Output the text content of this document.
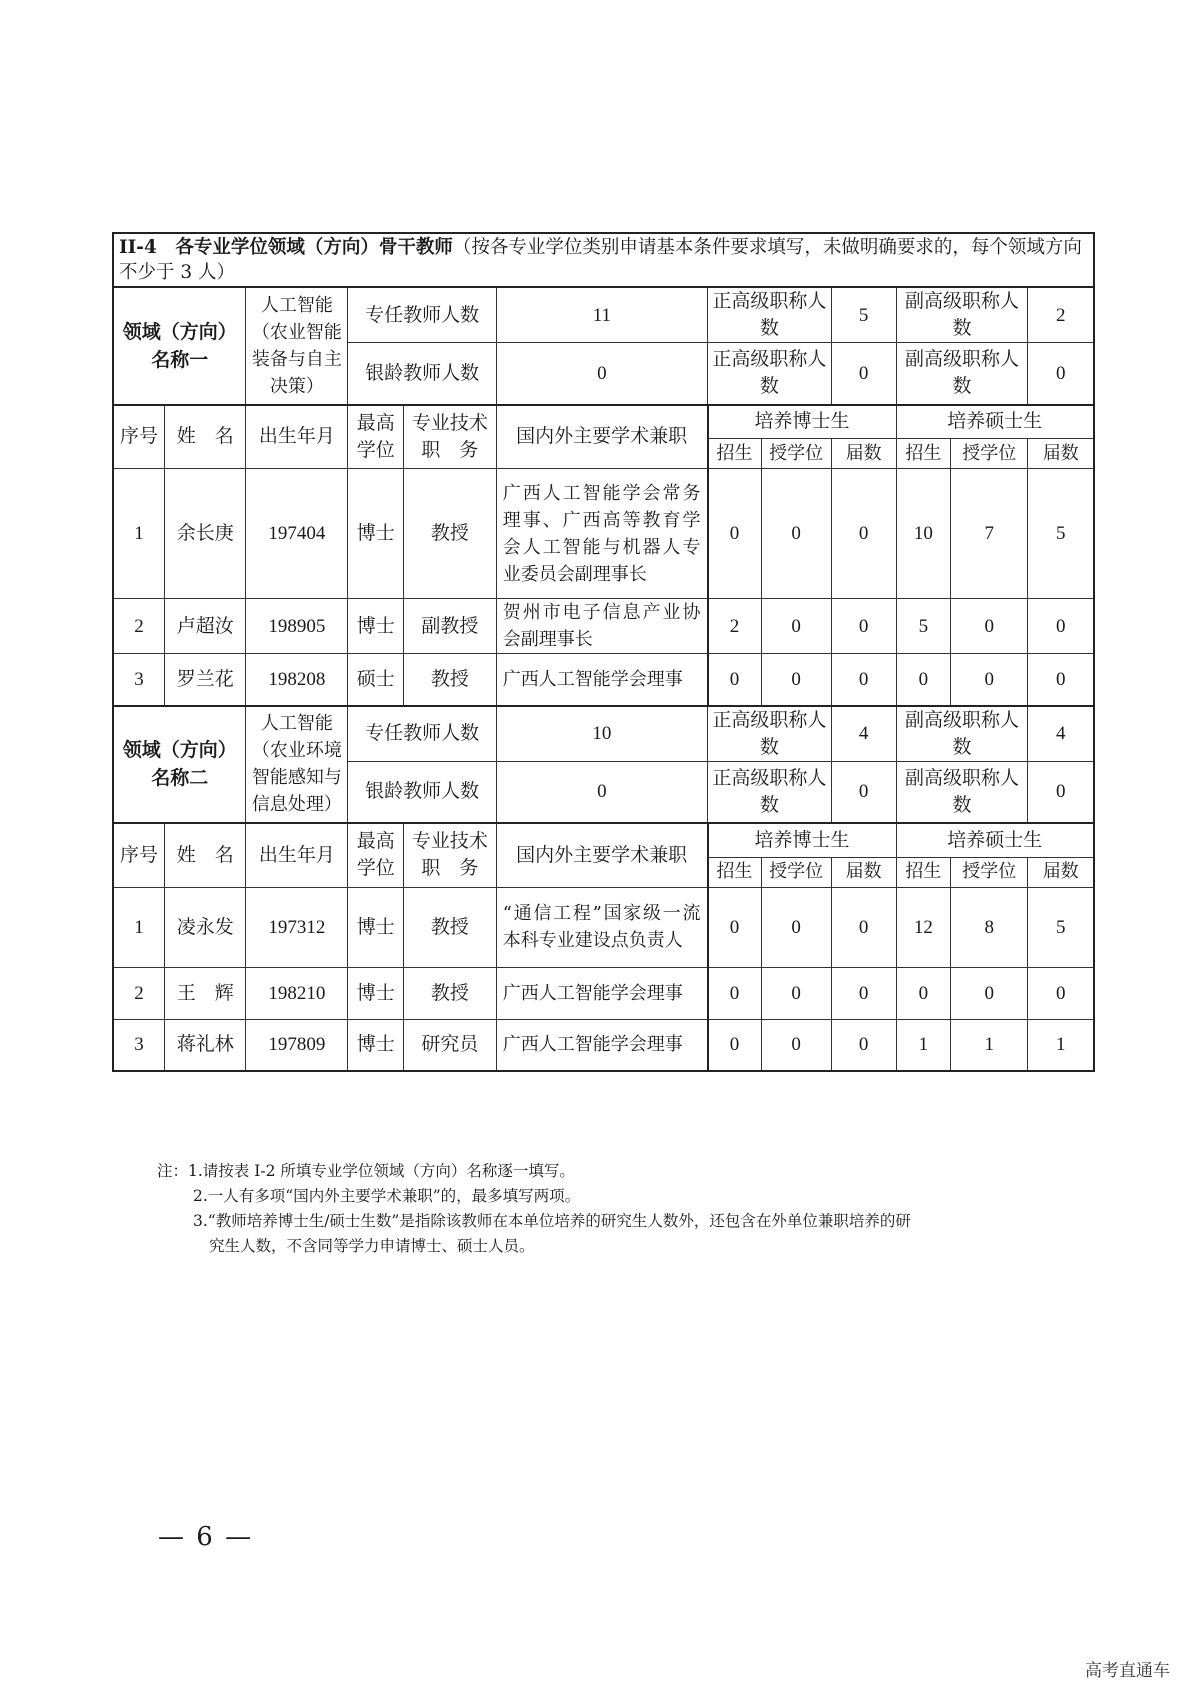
II-4　 各专业学位领域（方向）骨干教师（按各专业学位类别申请基本条件要求填写，未做明确要求的，每个领域方向不少于 3 人）											
领域（方向）名称一		人工智能（农业智能装备与自主决策）	专任教师人数		11	正高级职称人数		5	副高级职称人数		2
			银龄教师人数		0	正高级职称人数		0	副高级职称人数		0
序号	姓　名	出生年月	最高学位	专业技术职　务	国内外主要学术兼职	培养博士生			培养硕士生		
						招生	授学位	届数	招生	授学位	届数
1	余长庚	197404	博士	教授	广西人工智能学会常务理事、广西高等教育学会人工智能与机器人专业委员会副理事长	0	0	0	10	7	5
2	卢超汝	198905	博士	副教授	贺州市电子信息产业协会副理事长	2	0	0	5	0	0
3	罗兰花	198208	硕士	教授	广西人工智能学会理事	0	0	0	0	0	0
领域（方向）名称二		人工智能（农业环境智能感知与信息处理）	专任教师人数		10	正高级职称人数		4	副高级职称人数		4
			银龄教师人数		0	正高级职称人数		0	副高级职称人数		0
序号	姓　名	出生年月	最高学位	专业技术职　务	国内外主要学术兼职	培养博士生			培养硕士生		
						招生	授学位	届数	招生	授学位	届数
1	凌永发	197312	博士	教授	“通信工程”国家级一流本科专业建设点负责人	0	0	0	12	8	5
2	王　辉	198210	博士	教授	广西人工智能学会理事	0	0	0	0	0	0
3	蒋礼林	197809	博士	研究员	广西人工智能学会理事	0	0	0	1	1	1

注：1.请按表 I-2 所填专业学位领域（方向）名称逐一填写。

2.一人有多项“国内外主要学术兼职”的，最多填写两项。

3.“教师培养博士生/硕士生数”是指除该教师在本单位培养的研究生人数外，还包含在外单位兼职培养的研

究生人数，不含同等学力申请博士、硕士人员。

— 6 —
高考直通车
